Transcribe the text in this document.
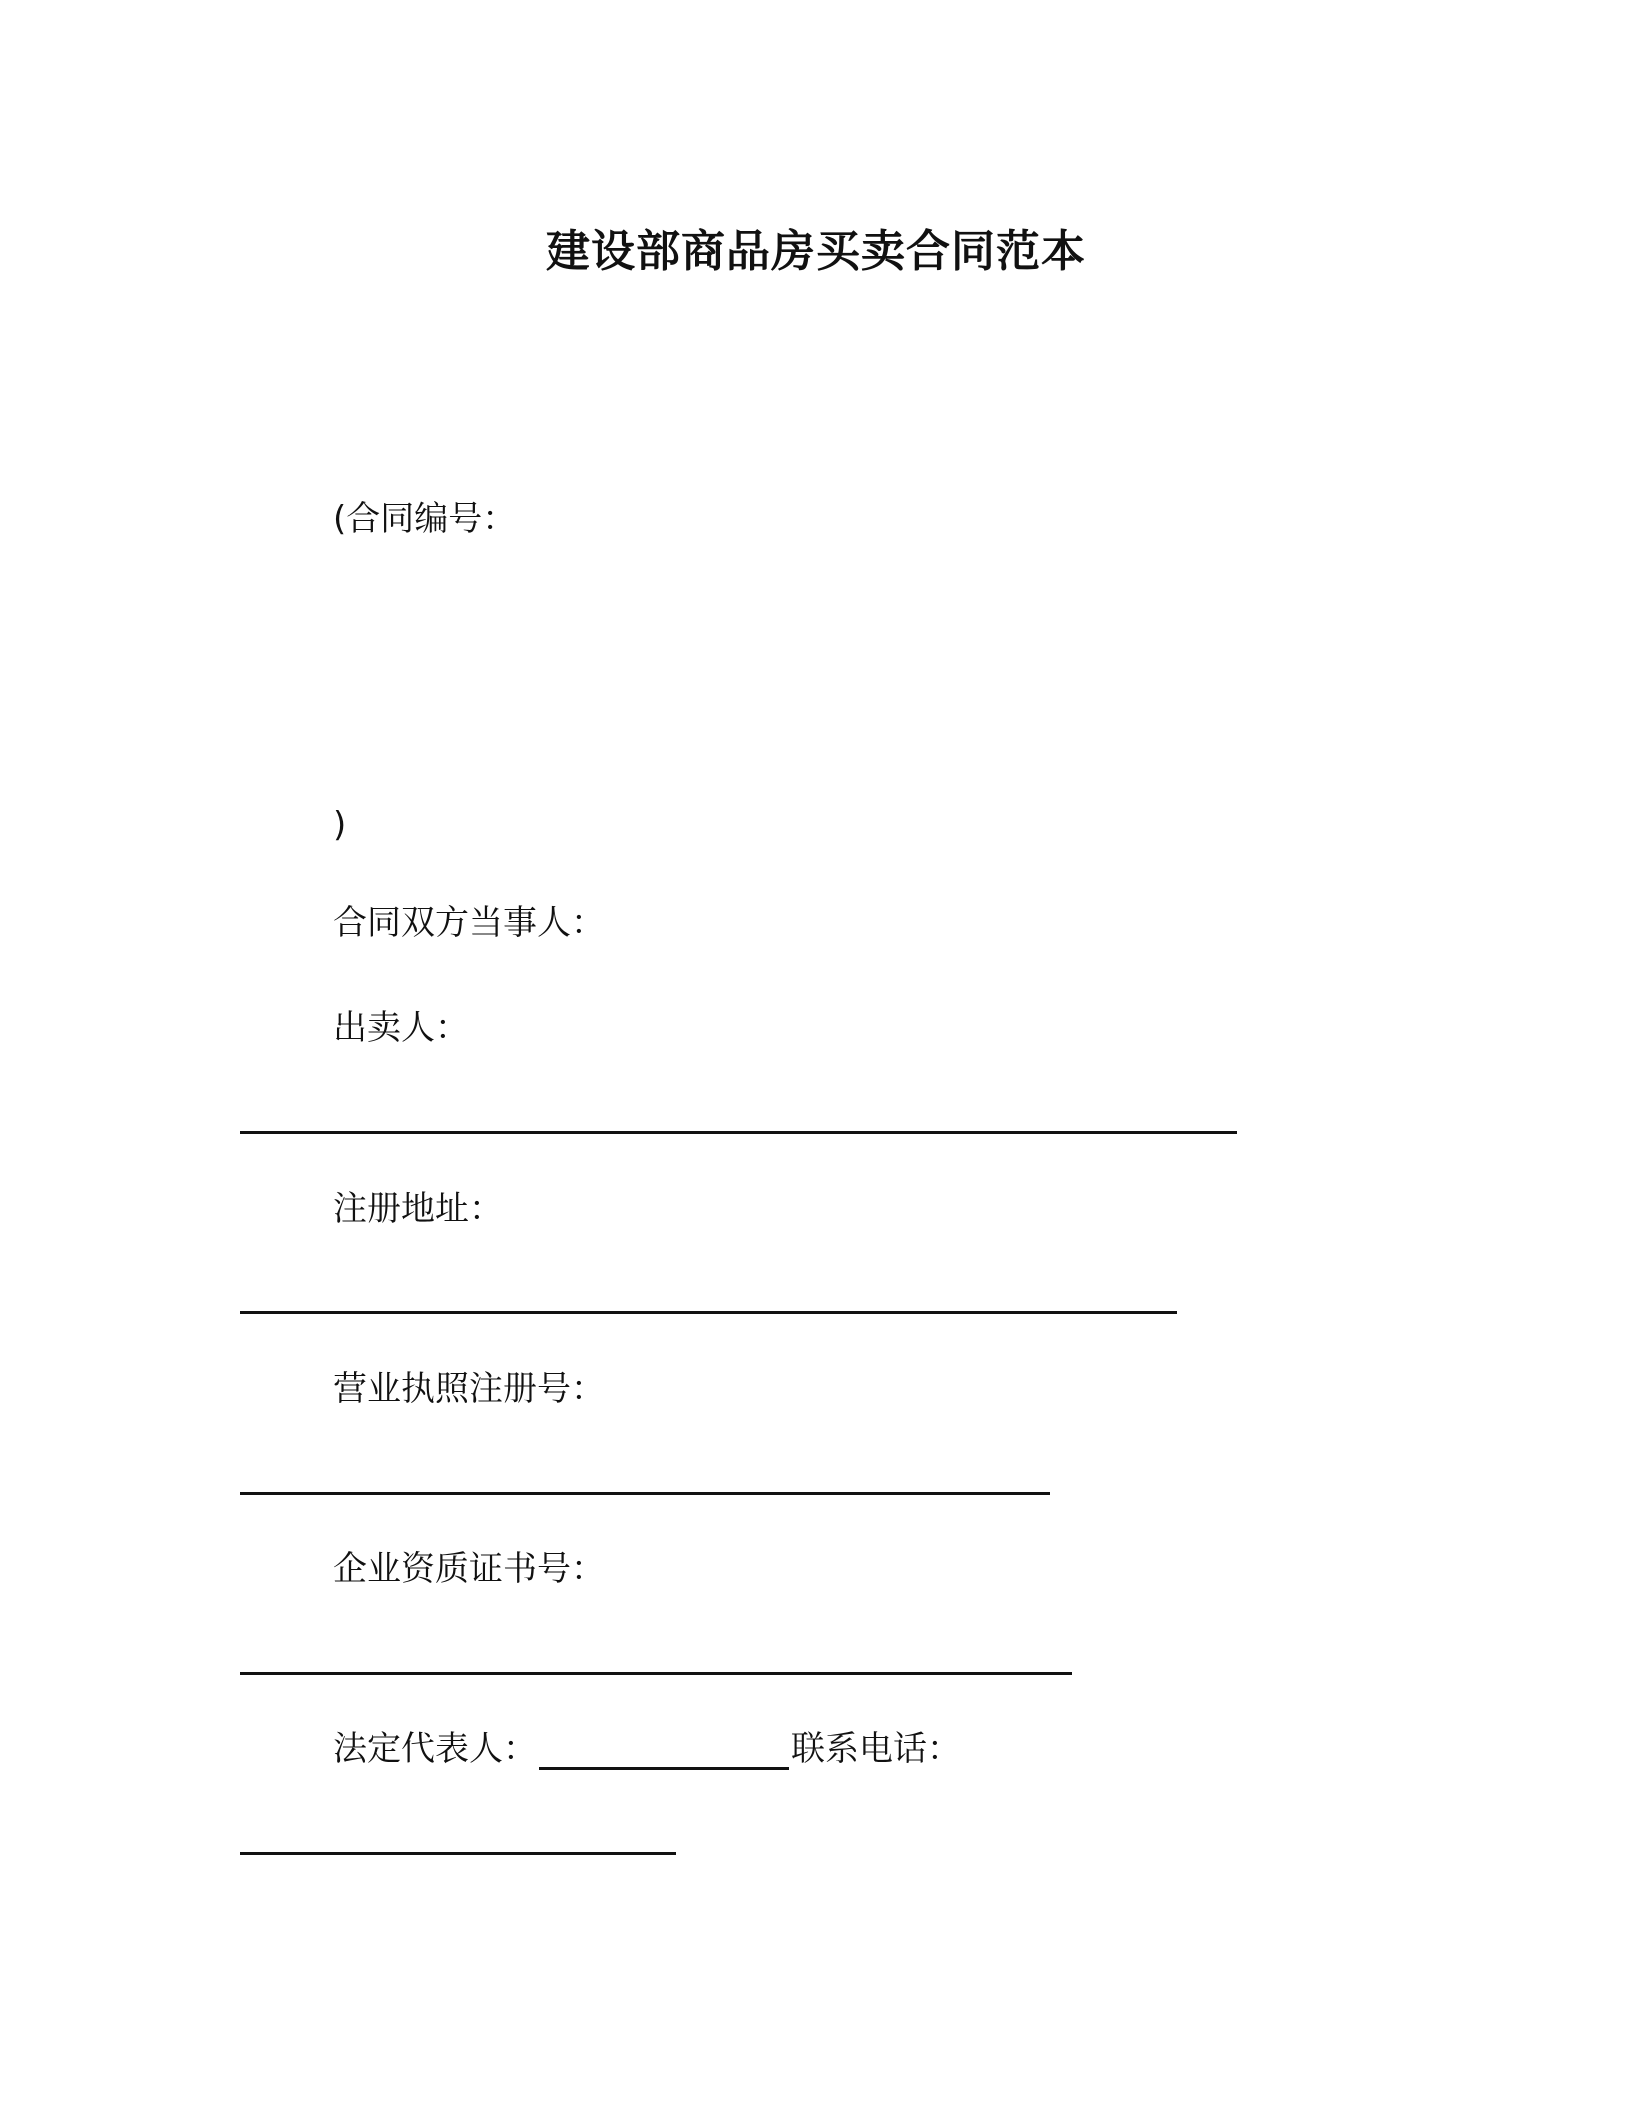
建设部商品房买卖合同范本
(合同编号：
)
合同双方当事人：
出卖人：
注册地址：
营业执照注册号：
企业资质证书号：
法定代表人：	联系电话：
